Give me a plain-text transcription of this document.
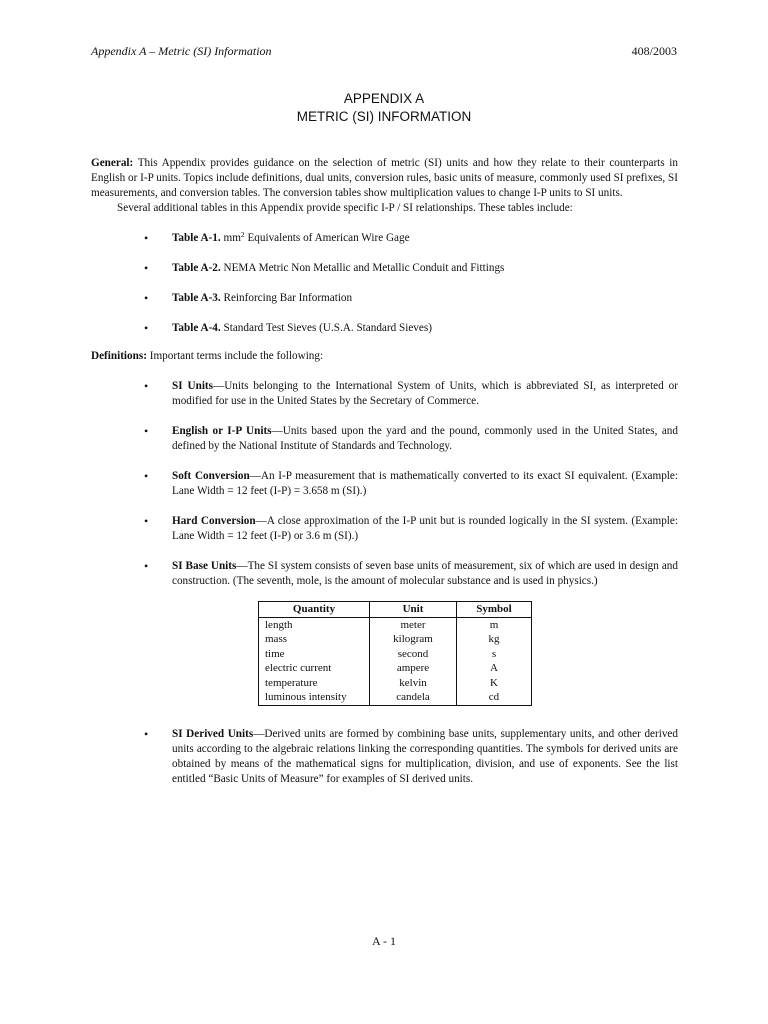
Appendix A – Metric (SI) Information	408/2003
APPENDIX A
METRIC (SI) INFORMATION

General: This Appendix provides guidance on the selection of metric (SI) units and how they relate to their counterparts in English or I-P units. Topics include definitions, dual units, conversion rules, basic units of measure, commonly used SI prefixes, SI measurements, and conversion tables. The conversion tables show multiplication values to change I-P units to SI units.

Several additional tables in this Appendix provide specific I-P / SI relationships. These tables include:

• Table A-1. $mm^2$ Equivalents of American Wire Gage
• Table A-2. NEMA Metric Non Metallic and Metallic Conduit and Fittings
• Table A-3. Reinforcing Bar Information
• Table A-4. Standard Test Sieves (U.S.A. Standard Sieves)

Definitions: Important terms include the following:

• SI Units—Units belonging to the International System of Units, which is abbreviated SI, as interpreted or modified for use in the United States by the Secretary of Commerce.
• English or I-P Units—Units based upon the yard and the pound, commonly used in the United States, and defined by the National Institute of Standards and Technology.
• Soft Conversion—An I-P measurement that is mathematically converted to its exact SI equivalent. (Example: Lane Width = 12 feet (I-P) = 3.658 m (SI).)
• Hard Conversion—A close approximation of the I-P unit but is rounded logically in the SI system. (Example: Lane Width = 12 feet (I-P) or 3.6 m (SI).)
• SI Base Units—The SI system consists of seven base units of measurement, six of which are used in design and construction. (The seventh, mole, is the amount of molecular substance and is used in physics.)
Quantity	Unit	Symbol
length	meter	m
mass	kilogram	kg
time	second	s
electric current	ampere	A
temperature	kelvin	K
luminous intensity	candela	cd
• SI Derived Units—Derived units are formed by combining base units, supplementary units, and other derived units according to the algebraic relations linking the corresponding quantities. The symbols for derived units are obtained by means of the mathematical signs for multiplication, division, and use of exponents. See the list entitled “Basic Units of Measure” for examples of SI derived units.
A - 1
